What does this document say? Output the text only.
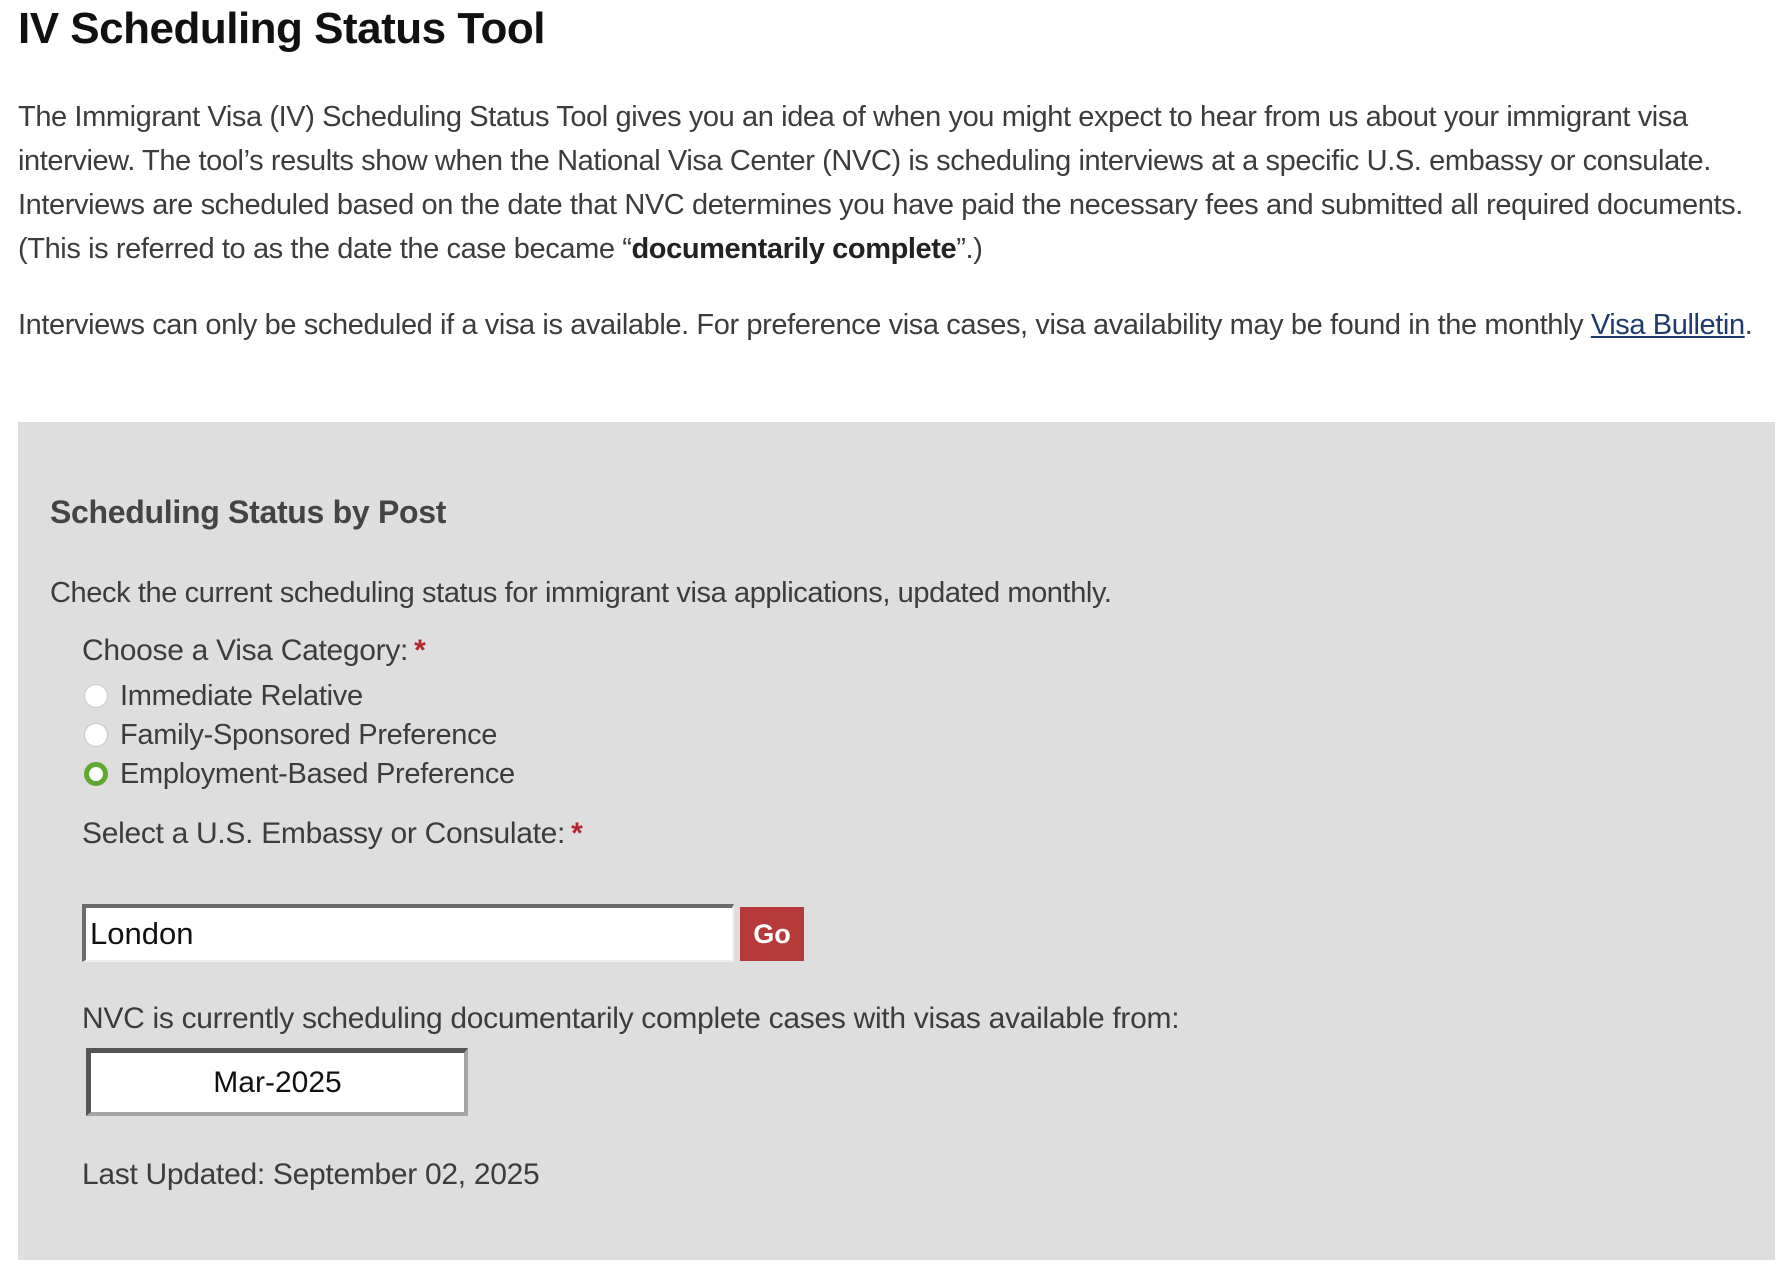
IV Scheduling Status Tool

The Immigrant Visa (IV) Scheduling Status Tool gives you an idea of when you might expect to hear from us about your immigrant visa interview. The tool’s results show when the National Visa Center (NVC) is scheduling interviews at a specific U.S. embassy or consulate. Interviews are scheduled based on the date that NVC determines you have paid the necessary fees and submitted all required documents. (This is referred to as the date the case became “documentarily complete”.)

Interviews can only be scheduled if a visa is available. For preference visa cases, visa availability may be found in the monthly Visa Bulletin.

Scheduling Status by Post

Check the current scheduling status for immigrant visa applications, updated monthly.

Choose a Visa Category: *
Immediate Relative
Family-Sponsored Preference
Employment-Based Preference
Select a U.S. Embassy or Consulate: *
London
Go

NVC is currently scheduling documentarily complete cases with visas available from:

Mar-2025

Last Updated: September 02, 2025
